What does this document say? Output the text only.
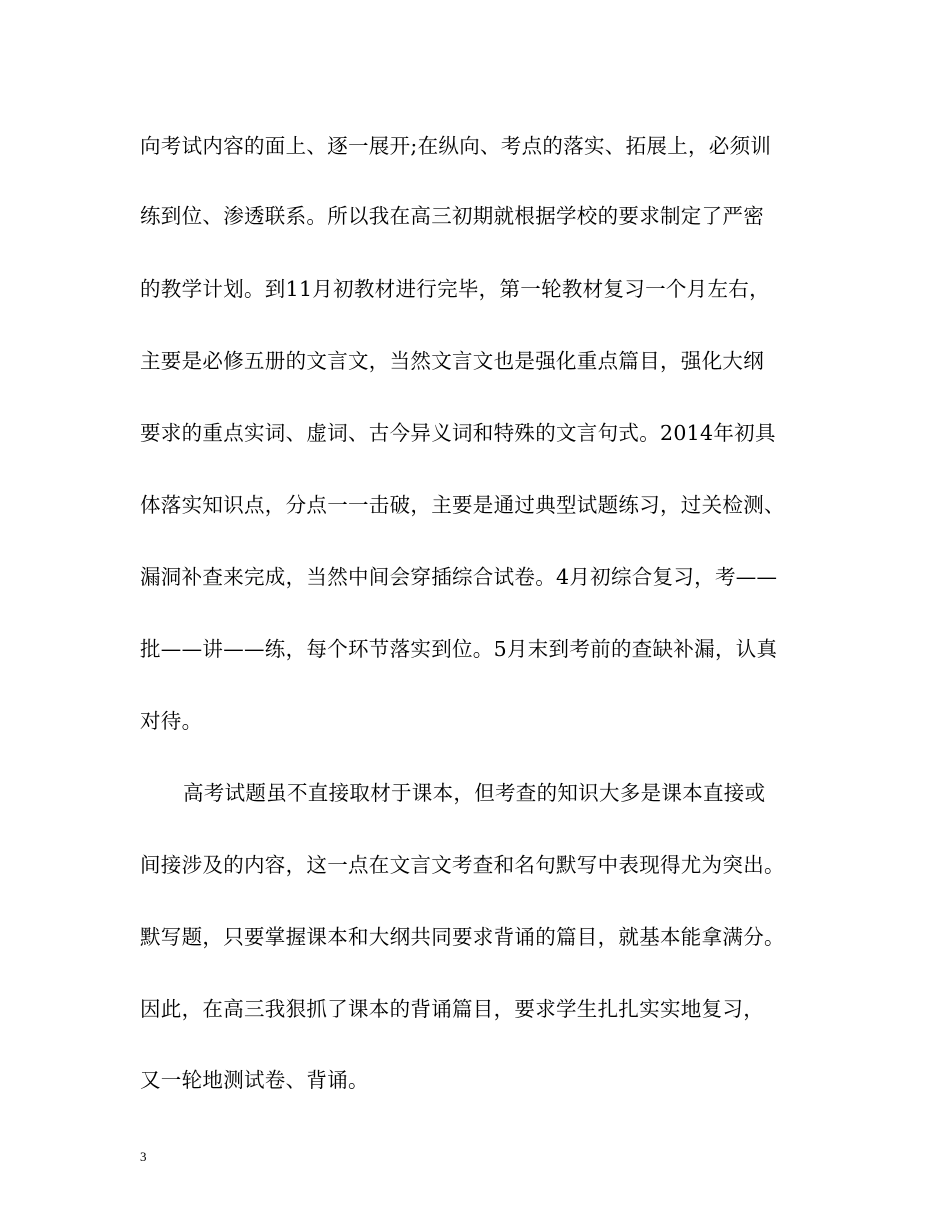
向考试内容的面上、逐一展开;在纵向、考点的落实、拓展上，必须训
练到位、渗透联系。所以我在高三初期就根据学校的要求制定了严密
的教学计划。到11月初教材进行完毕，第一轮教材复习一个月左右，
主要是必修五册的文言文，当然文言文也是强化重点篇目，强化大纲
要求的重点实词、虚词、古今异义词和特殊的文言句式。2014年初具
体落实知识点，分点一一击破，主要是通过典型试题练习，过关检测、
漏洞补查来完成，当然中间会穿插综合试卷。4月初综合复习，考——
批——讲——练，每个环节落实到位。5月末到考前的查缺补漏，认真
对待。
高考试题虽不直接取材于课本，但考查的知识大多是课本直接或
间接涉及的内容，这一点在文言文考查和名句默写中表现得尤为突出。
默写题，只要掌握课本和大纲共同要求背诵的篇目，就基本能拿满分。
因此，在高三我狠抓了课本的背诵篇目，要求学生扎扎实实地复习，
又一轮地测试卷、背诵。
3
